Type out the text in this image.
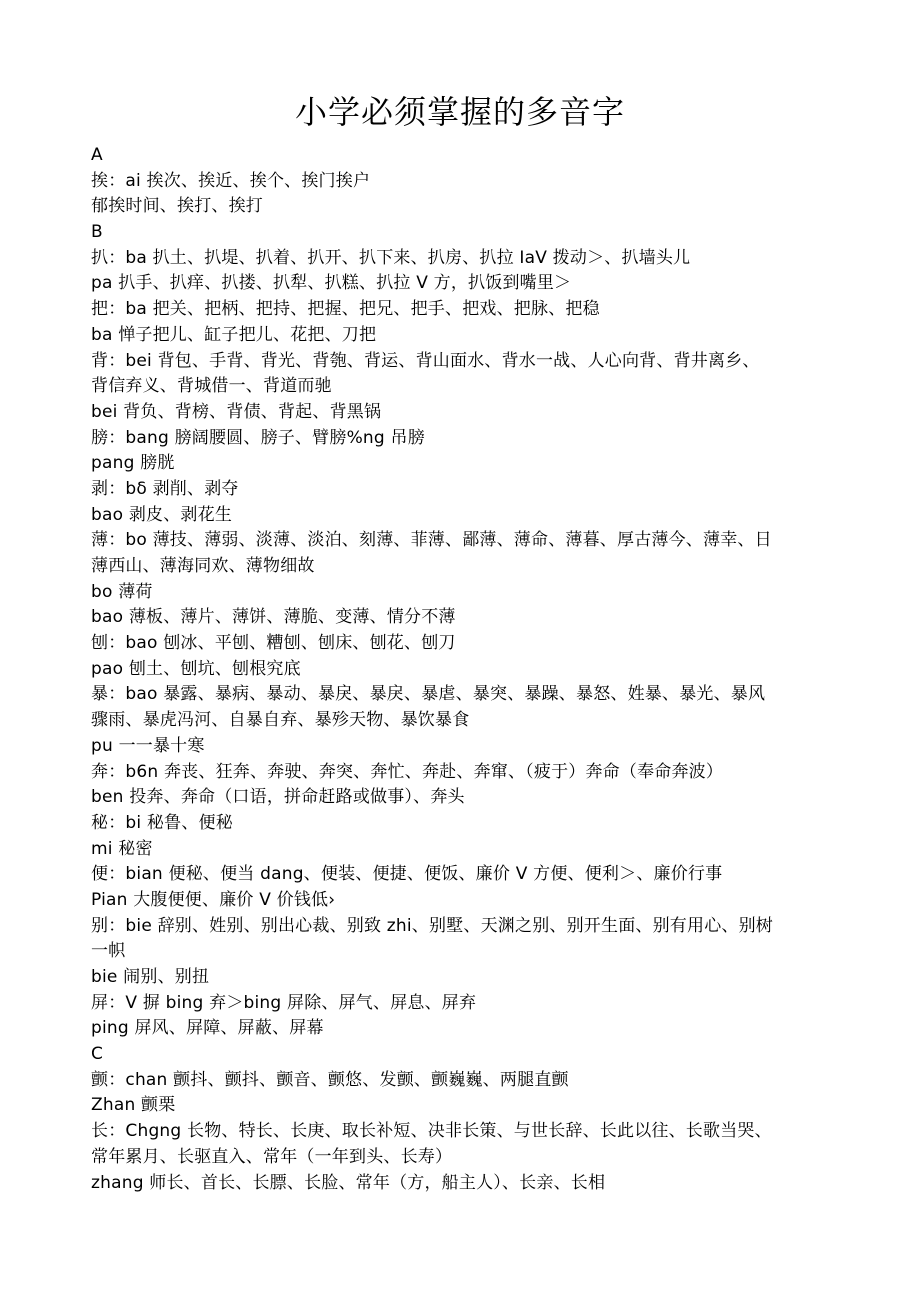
小学必须掌握的多音字
A
挨：ai 挨次、挨近、挨个、挨门挨户
郁挨时间、挨打、挨打
B
扒：ba 扒土、扒堤、扒着、扒开、扒下来、扒房、扒拉 IaV 拨动＞、扒墙头儿
pa 扒手、扒痒、扒搂、扒犁、扒糕、扒拉 V 方，扒饭到嘴里＞
把：ba 把关、把柄、把持、把握、把兄、把手、把戏、把脉、把稳
ba 惮子把儿、缸子把儿、花把、刀把
背：bei 背包、手背、背光、背匏、背运、背山面水、背水一战、人心向背、背井离乡、
背信弃义、背城借一、背道而驰
bei 背负、背榜、背债、背起、背黑锅
膀：bang 膀阔腰圆、膀子、臂膀%ng 吊膀
pang 膀胱
剥：bδ 剥削、剥夺
bao 剥皮、剥花生
薄：bo 薄技、薄弱、淡薄、淡泊、刻薄、菲薄、鄙薄、薄命、薄暮、厚古薄今、薄幸、日
薄西山、薄海同欢、薄物细故
bo 薄荷
bao 薄板、薄片、薄饼、薄脆、变薄、情分不薄
刨：bao 刨冰、平刨、糟刨、刨床、刨花、刨刀
pao 刨土、刨坑、刨根究底
暴：bao 暴露、暴病、暴动、暴戾、暴戾、暴虐、暴突、暴躁、暴怒、姓暴、暴光、暴风
骤雨、暴虎冯河、自暴自弃、暴殄天物、暴饮暴食
pu 一一暴十寒
奔：b6n 奔丧、狂奔、奔驶、奔突、奔忙、奔赴、奔窜、（疲于）奔命（奉命奔波）
ben 投奔、奔命（口语，拼命赶路或做事）、奔头
秘：bi 秘鲁、便秘
mi 秘密
便：bian 便秘、便当 dang、便装、便捷、便饭、廉价 V 方便、便利＞、廉价行事
Pian 大腹便便、廉价 V 价钱低›
别：bie 辞别、姓别、别出心裁、别致 zhi、别墅、天渊之别、别开生面、别有用心、别树
一帜
bie 闹别、别扭
屏：V 摒 bing 弃＞bing 屏除、屏气、屏息、屏弃
ping 屏风、屏障、屏蔽、屏幕
C
颤：chan 颤抖、颤抖、颤音、颤悠、发颤、颤巍巍、两腿直颤
Zhan 颤栗
长：Chgng 长物、特长、长庚、取长补短、决非长策、与世长辞、长此以往、长歌当哭、
常年累月、长驱直入、常年（一年到头、长寿）
zhang 师长、首长、长膘、长脸、常年（方，船主人）、长亲、长相
